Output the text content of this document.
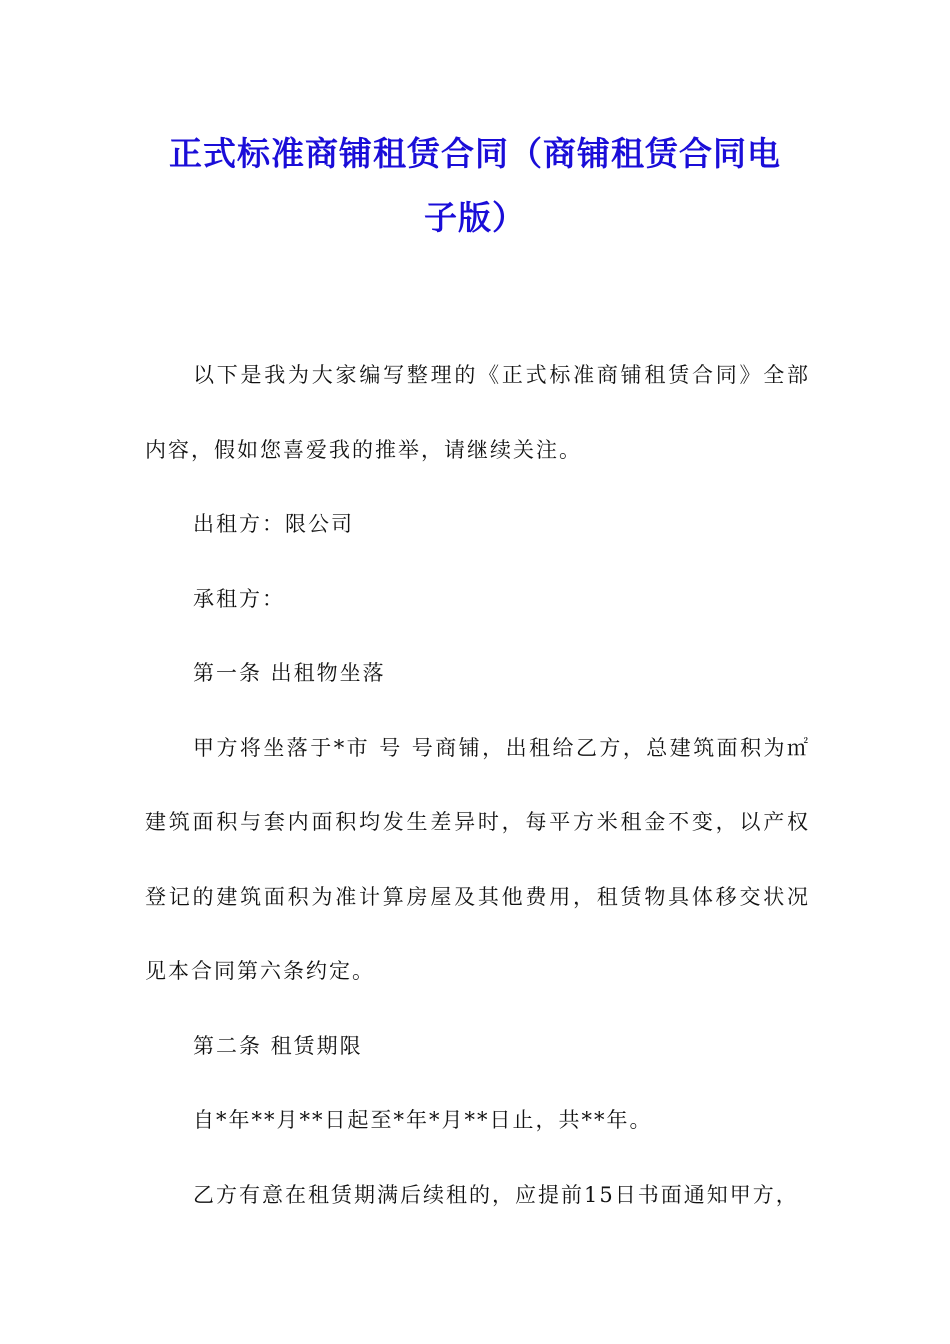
正式标准商铺租赁合同（商铺租赁合同电
子版）

以下是我为大家编写整理的《正式标准商铺租赁合同》全部内容，假如您喜爱我的推举，请继续关注。

出租方：限公司

承租方：

第一条 出租物坐落

甲方将坐落于*市 号 号商铺，出租给乙方，总建筑面积为㎡建筑面积与套内面积均发生差异时，每平方米租金不变，以产权登记的建筑面积为准计算房屋及其他费用，租赁物具体移交状况见本合同第六条约定。

第二条 租赁期限

自*年**月**日起至*年*月**日止，共**年。

乙方有意在租赁期满后续租的，应提前15日书面通知甲方，
